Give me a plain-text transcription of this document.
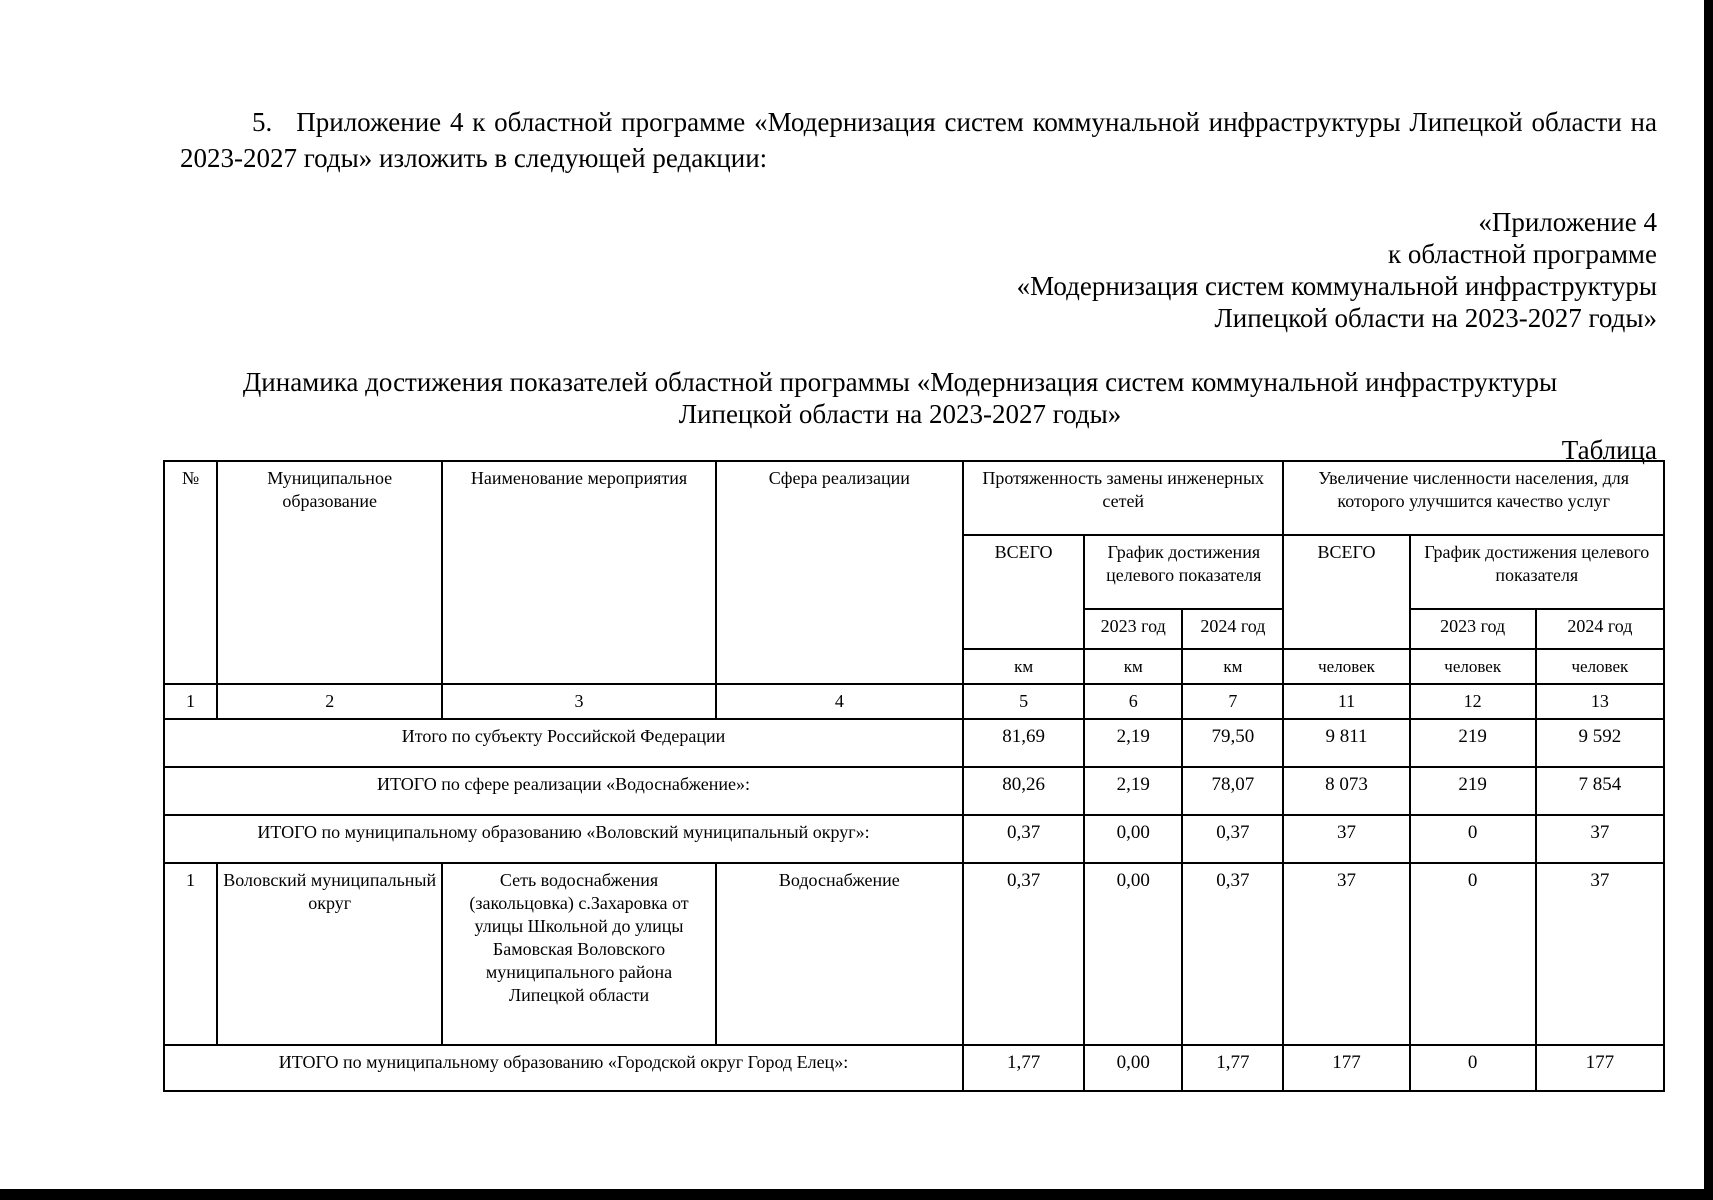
5. Приложение 4 к областной программе «Модернизация систем коммунальной инфраструктуры Липецкой области на 2023-2027 годы» изложить в следующей редакции:

«Приложение 4
к областной программе
«Модернизация систем коммунальной инфраструктуры
Липецкой области на 2023-2027 годы»
Динамика достижения показателей областной программы «Модернизация систем коммунальной инфраструктуры
Липецкой области на 2023-2027 годы»
Таблица
№	Муниципальное образование	Наименование мероприятия	Сфера реализации	Протяженность замены инженерных сетей			Увеличение численности населения, для которого улучшится качество услуг		
				ВСЕГО	График достижения целевого показателя		ВСЕГО	График достижения целевого показателя	
					2023 год	2024 год		2023 год	2024 год
				км	км	км	человек	человек	человек
1	2	3	4	5	6	7	11	12	13
Итого по субъекту Российской Федерации				81,69	2,19	79,50	9 811	219	9 592
ИТОГО по сфере реализации «Водоснабжение»:				80,26	2,19	78,07	8 073	219	7 854
ИТОГО по муниципальному образованию «Воловский муниципальный округ»:				0,37	0,00	0,37	37	0	37
1	Воловский муниципальный округ	Сеть водоснабжения (закольцовка) с.Захаровка от улицы Школьной до улицы Бамовская Воловского муниципального района Липецкой области	Водоснабжение	0,37	0,00	0,37	37	0	37
ИТОГО по муниципальному образованию «Городской округ Город Елец»:				1,77	0,00	1,77	177	0	177
